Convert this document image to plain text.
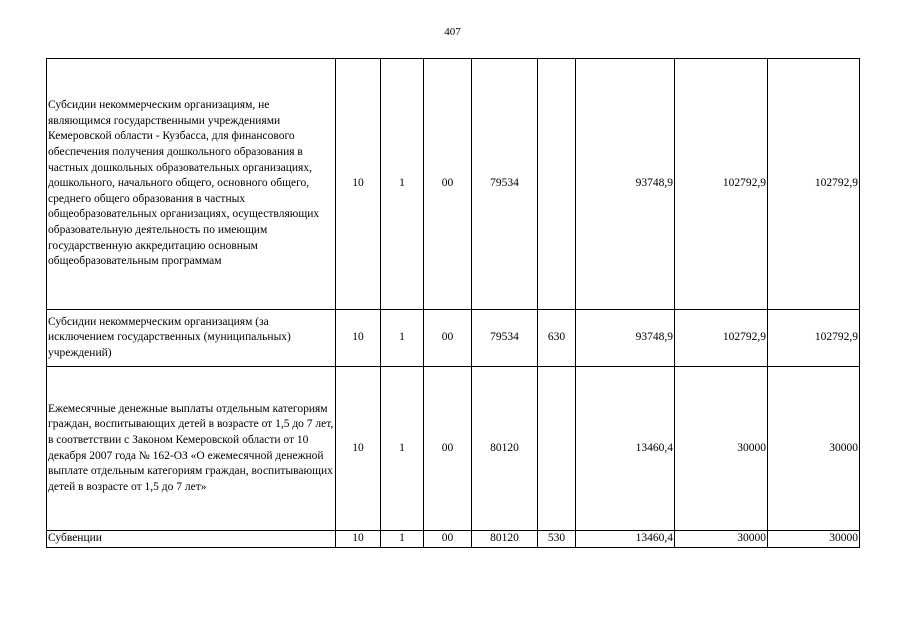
407
Субсидии некоммерческим организациям, не являющимся государственными учреждениями Кемеровской области - Кузбасса, для финансового обеспечения получения дошкольного образования в частных дошкольных образовательных организациях, дошкольного, начального общего, основного общего, среднего общего образования в частных общеобразовательных организациях, осуществляющих образовательную деятельность по имеющим государственную аккредитацию основным общеобразовательным программам	10	1	00	79534		93748,9	102792,9	102792,9
Субсидии некоммерческим организациям (за исключением государственных (муниципальных) учреждений)	10	1	00	79534	630	93748,9	102792,9	102792,9
Ежемесячные денежные выплаты отдельным категориям граждан, воспитывающих детей в возрасте от 1,5 до 7 лет, в соответствии с Законом Кемеровской области от 10 декабря 2007 года № 162-ОЗ «О ежемесячной денежной выплате отдельным категориям граждан, воспитывающих детей в возрасте от 1,5 до 7 лет»	10	1	00	80120		13460,4	30000	30000
Субвенции	10	1	00	80120	530	13460,4	30000	30000
